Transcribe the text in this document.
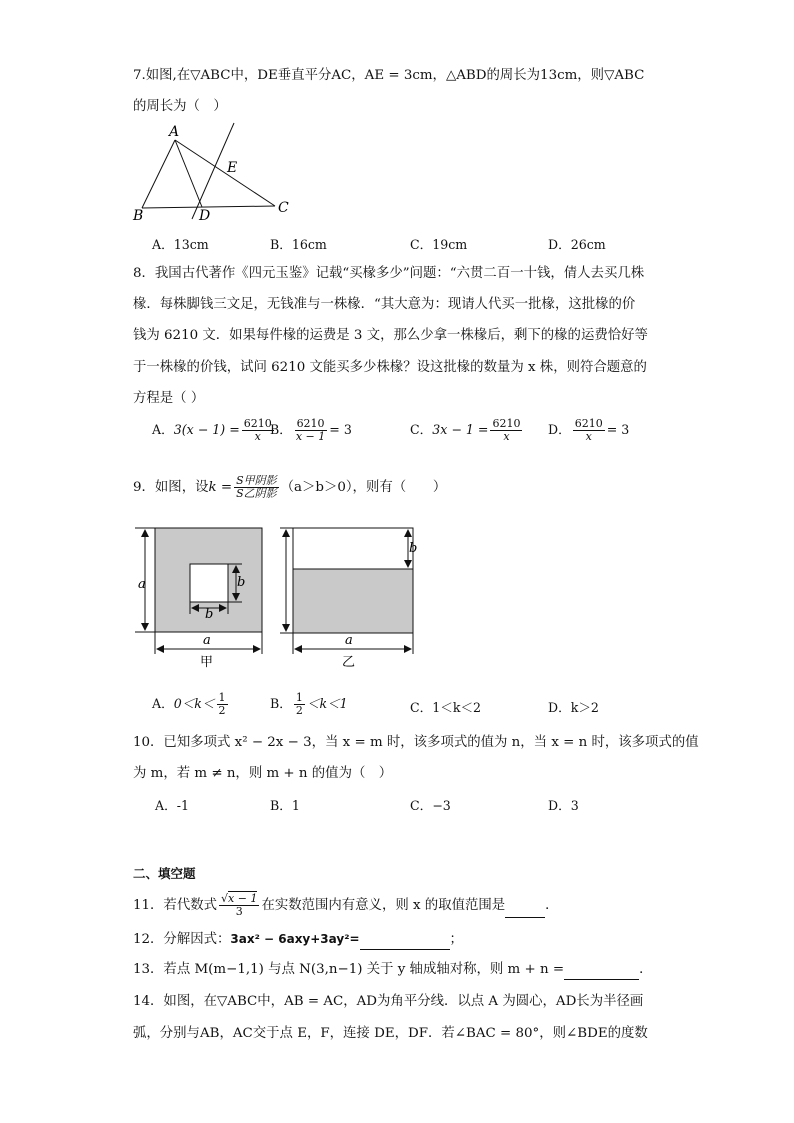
7.如图,在▽ABC中，DE垂直平分AC，AE = 3cm，△ABD的周长为13cm，则▽ABC
的周长为（　）
A
B	C
D
E
A．13cm	B．16cm	C．19cm	D．26cm
8．我国古代著作《四元玉鉴》记载“买椽多少”问题：“六贯二百一十钱，倩人去买几株
椽．每株脚钱三文足，无钱准与一株椽．“其大意为：现请人代买一批椽，这批椽的价
钱为 6210 文．如果每件椽的运费是 3 文，那么少拿一株椽后，剩下的椽的运费恰好等
于一株椽的价钱，试问 6210 文能买多少株椽？设这批椽的数量为 x 株，则符合题意的
方程是（ ）
A．$3(x - 1) = \frac{6210}{x}$
B． $\frac{6210}{x - 1} = 3$	C．$3x - 1 = \frac{6210}{x}$ D． $\frac{6210}{x} = 3$
9．如图，设$k = \frac{\text{S甲阴影}}{\text{S乙阴影}} (a>b>0)$，则有（　　）
a	b
b
a
甲
b
a
乙
A．$0<k< \frac{1}{2}$	B． $\frac{1}{2} <k<1$	C．1＜k＜2	D．k＞2
10．已知多项式 x² − 2x − 3，当 x = m 时，该多项式的值为 n，当 x = n 时，该多项式的值
为 m，若 m ≠ n，则 m + n 的值为（　）
A．-1	B．1	C．−3	D．3
二、填空题
11．若代数式 $\frac{√x - 1}{3}$ 在实数范围内有意义，则 x 的取值范围是	．
12．分解因式：3ax² − 6axy+3ay²=	；
13．若点 M(m−1,1) 与点 N(3,n−1) 关于 y 轴成轴对称，则 m + n =	．
14．如图，在▽ABC中，AB = AC，AD为角平分线．以点 A 为圆心，AD长为半径画
弧，分别与AB，AC交于点 E，F，连接 DE，DF．若∠BAC = 80°，则∠BDE的度数
